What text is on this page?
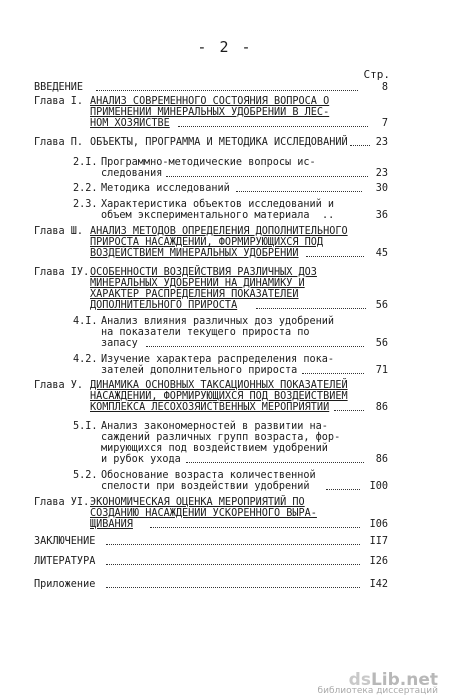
- 2 -
Стр.
ВВЕДЕНИЕ	8
Глава I. АНАЛИЗ СОВРЕМЕННОГО СОСТОЯНИЯ ВОПРОСА О
ПРИМЕНЕНИИ МИНЕРАЛЬНЫХ УДОБРЕНИЙ В ЛЕС-
НОМ ХОЗЯЙСТВЕ	7
Глава П. ОБЪЕКТЫ, ПРОГРАММА И МЕТОДИКА ИССЛЕДОВАНИЙ	23
2.I. Программно-методические вопросы ис-
следования	23
2.2. Методика исследований	30
2.3. Характеристика объектов исследований и
объем экспериментального материала ..	36
Глава Ш. АНАЛИЗ МЕТОДОВ ОПРЕДЕЛЕНИЯ ДОПОЛНИТЕЛЬНОГО
ПРИРОСТА НАСАЖДЕНИЙ, ФОРМИРУЮЩИХСЯ ПОД
ВОЗДЕЙСТВИЕМ МИНЕРАЛЬНЫХ УДОБРЕНИЙ	45
Глава IУ. ОСОБЕННОСТИ ВОЗДЕЙСТВИЯ РАЗЛИЧНЫХ ДОЗ
МИНЕРАЛЬНЫХ УДОБРЕНИЙ НА ДИНАМИКУ И
ХАРАКТЕР РАСПРЕДЕЛЕНИЯ ПОКАЗАТЕЛЕЙ
ДОПОЛНИТЕЛЬНОГО ПРИРОСТА	56
4.I. Анализ влияния различных доз удобрений
на показатели текущего прироста по
запасу	56
4.2. Изучение характера распределения пока-
зателей дополнительного прироста	71
Глава У. ДИНАМИКА ОСНОВНЫХ ТАКСАЦИОННЫХ ПОКАЗАТЕЛЕЙ
НАСАЖДЕНИЙ, ФОРМИРУЮЩИХСЯ ПОД ВОЗДЕЙСТВИЕМ
КОМПЛЕКСА ЛЕСОХОЗЯЙСТВЕННЫХ МЕРОПРИЯТИЙ	86
5.I. Анализ закономерностей в развитии на-
саждений различных групп возраста, фор-
мирующихся под воздействием удобрений
и рубок ухода	86
5.2. Обоснование возраста количественной
спелости при воздействии удобрений	I00
Глава УI. ЭКОНОМИЧЕСКАЯ ОЦЕНКА МЕРОПРИЯТИЙ ПО
СОЗДАНИЮ НАСАЖДЕНИЙ УСКОРЕННОГО ВЫРА-
ЩИВАНИЯ	I06
ЗАКЛЮЧЕНИЕ	II7
ЛИТЕРАТУРА	I26
Приложение	I42
dsLib.net
библиотека диссертаций
